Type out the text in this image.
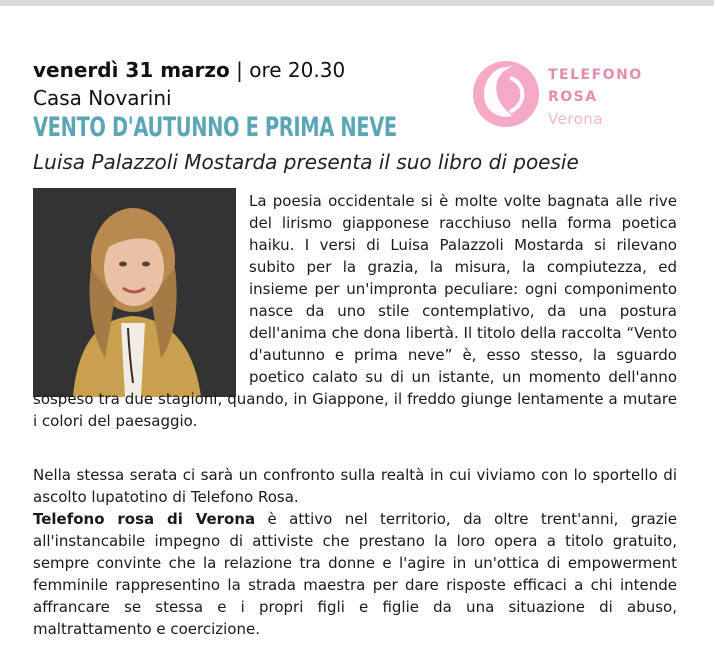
venerdì 31 marzo | ore 20.30
Casa Novarini
VENTO D'AUTUNNO E PRIMA NEVE
Luisa Palazzoli Mostarda presenta il suo libro di poesie
TELEFONO
ROSA
Verona
La poesia occidentale si è molte volte bagnata alle rive del lirismo giapponese racchiuso nella forma poetica haiku. I versi di Luisa Palazzoli Mostarda si rilevano subito per la grazia, la misura, la compiutezza, ed insieme per un'impronta peculiare: ogni componimento nasce da uno stile contemplativo, da una postura dell'anima che dona libertà. Il titolo della raccolta “Vento d'autunno e prima neve” è, esso stesso, la sguardo poetico calato su di un istante, un momento dell'anno
sospeso tra due stagioni, quando, in Giappone, il freddo giunge lentamente a mutare i colori del paesaggio.
Nella stessa serata ci sarà un confronto sulla realtà in cui viviamo con lo sportello di ascolto lupatotino di Telefono Rosa.
Telefono rosa di Verona è attivo nel territorio, da oltre trent'anni, grazie all'instancabile impegno di attiviste che prestano la loro opera a titolo gratuito, sempre convinte che la relazione tra donne e l'agire in un'ottica di empowerment femminile rappresentino la strada maestra per dare risposte efficaci a chi intende affrancare se stessa e i propri figli e figlie da una situazione di abuso, maltrattamento e coercizione.
